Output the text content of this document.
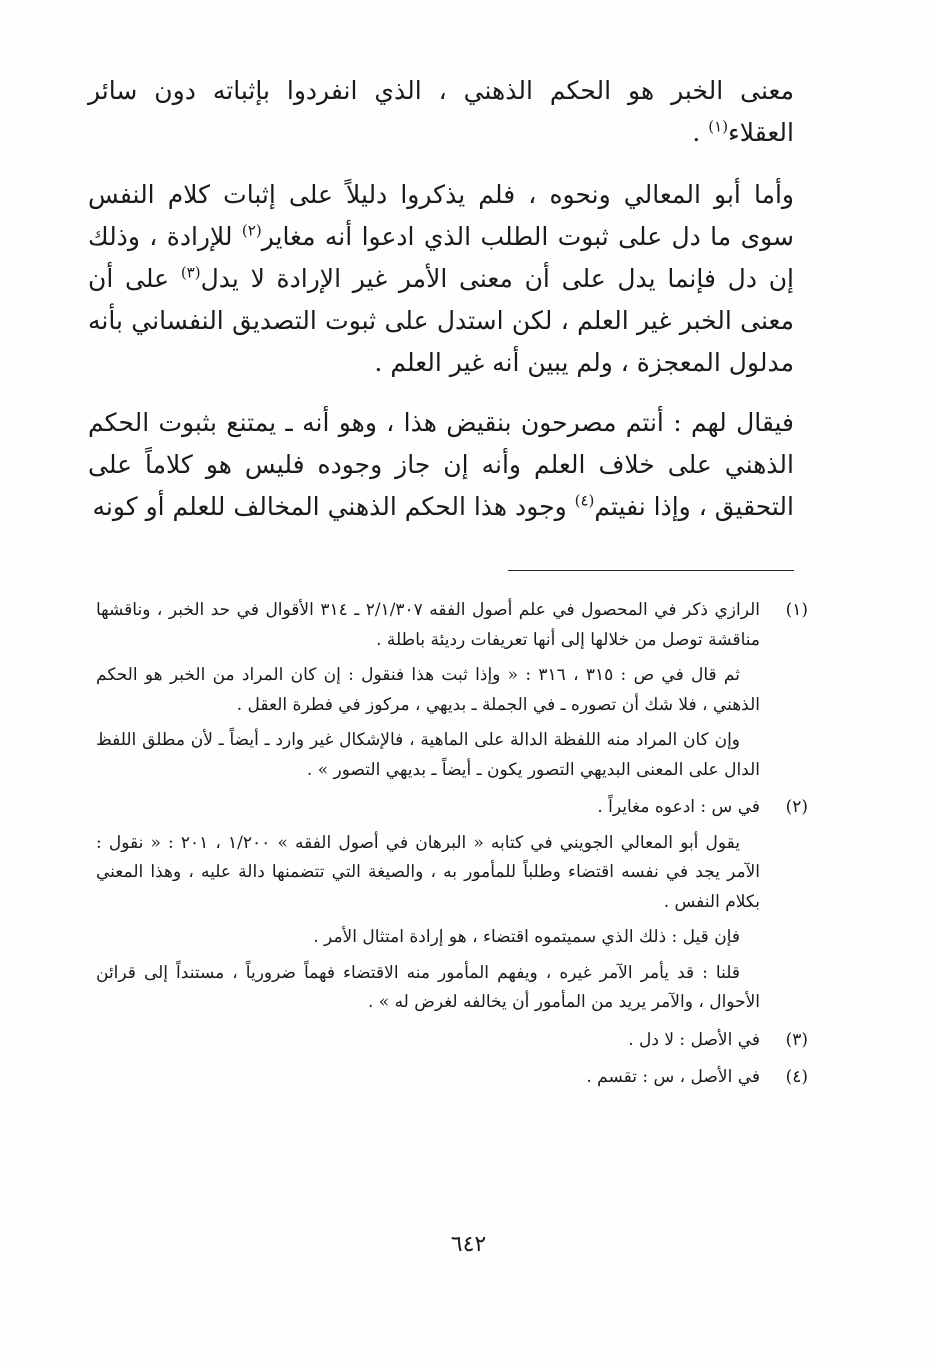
معنى الخبر هو الحكم الذهني ، الذي انفردوا بإثباته دون سائر العقلاء$^{(١)}$ .

وأما أبو المعالي ونحوه ، فلم يذكروا دليلاً على إثبات كلام النفس سوى ما دل على ثبوت الطلب الذي ادعوا أنه مغاير$^{(٢)}$ للإرادة ، وذلك إن دل فإنما يدل على أن معنى الأمر غير الإرادة لا يدل$^{(٣)}$ على أن معنى الخبر غير العلم ، لكن استدل على ثبوت التصديق النفساني بأنه مدلول المعجزة ، ولم يبين أنه غير العلم .

فيقال لهم : أنتم مصرحون بنقيض هذا ، وهو أنه ـ يمتنع بثبوت الحكم الذهني على خلاف العلم وأنه إن جاز وجوده فليس هو كلاماً على التحقيق ، وإذا نفيتم$^{(٤)}$ وجود هذا الحكم الذهني المخالف للعلم أو كونه

(١)

الرازي ذكر في المحصول في علم أصول الفقه ٢/١/٣٠٧ ـ ٣١٤ الأقوال في حد الخبر ، وناقشها مناقشة توصل من خلالها إلى أنها تعريفات رديئة باطلة .

ثم قال في ص : ٣١٥ ، ٣١٦ : « وإذا ثبت هذا فنقول : إن كان المراد من الخبر هو الحكم الذهني ، فلا شك أن تصوره ـ في الجملة ـ بديهي ، مركوز في فطرة العقل .

وإن كان المراد منه اللفظة الدالة على الماهية ، فالإشكال غير وارد ـ أيضاً ـ لأن مطلق اللفظ الدال على المعنى البديهي التصور يكون ـ أيضاً ـ بديهي التصور » .

(٢)

في س : ادعوه مغايراً .

يقول أبو المعالي الجويني في كتابه « البرهان في أصول الفقه » ١/٢٠٠ ، ٢٠١ : « نقول : الآمر يجد في نفسه اقتضاء وطلباً للمأمور به ، والصيغة التي تتضمنها دالة عليه ، وهذا المعني بكلام النفس .

فإن قيل : ذلك الذي سميتموه اقتضاء ، هو إرادة امتثال الأمر .

قلنا : قد يأمر الآمر غيره ، ويفهم المأمور منه الاقتضاء فهماً ضرورياً ، مستنداً إلى قرائن الأحوال ، والآمر يريد من المأمور أن يخالفه لغرض له » .

(٣)

في الأصل : لا دل .

(٤)

في الأصل ، س : تقسم .

٦٤٢
